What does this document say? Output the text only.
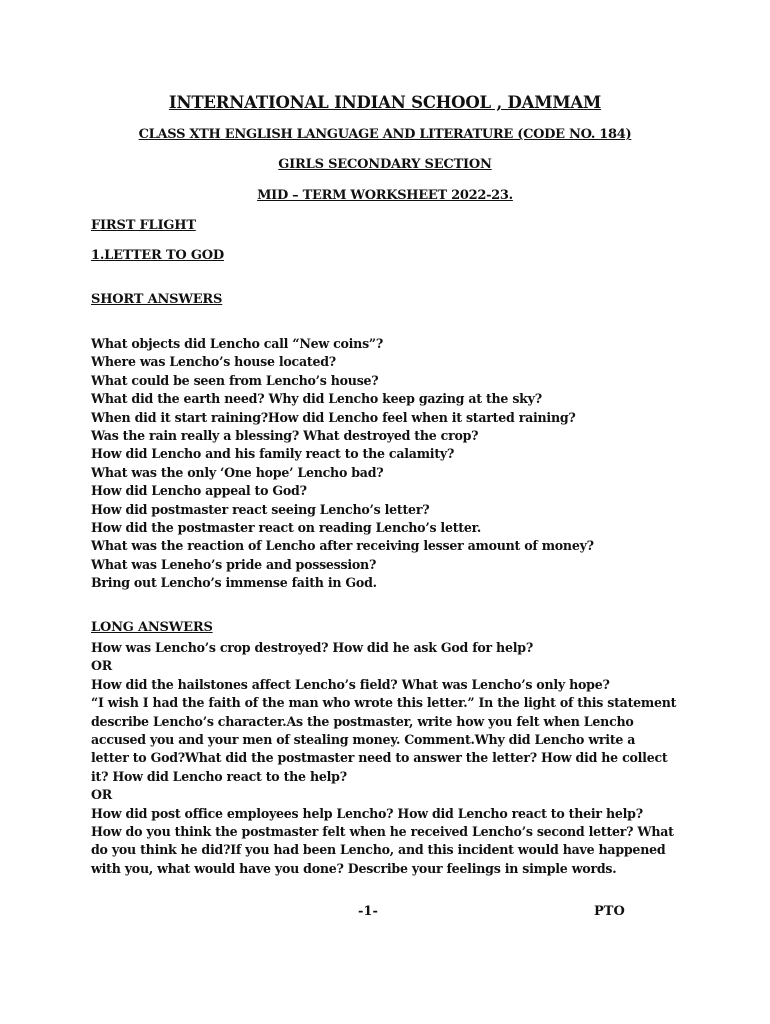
INTERNATIONAL INDIAN SCHOOL , DAMMAM
CLASS XTH ENGLISH LANGUAGE AND LITERATURE (CODE NO. 184)
GIRLS SECONDARY SECTION
MID – TERM WORKSHEET 2022-23.
FIRST FLIGHT
1.LETTER TO GOD
SHORT ANSWERS
What objects did Lencho call “New coins”?
Where was Lencho’s house located?
What could be seen from Lencho’s house?
What did the earth need? Why did Lencho keep gazing at the sky?
When did it start raining?How did Lencho feel when it started raining?
Was the rain really a blessing? What destroyed the crop?
How did Lencho and his family react to the calamity?
What was the only ‘One hope’ Lencho bad?
How did Lencho appeal to God?
How did postmaster react seeing Lencho’s letter?
How did the postmaster react on reading Lencho’s letter.
What was the reaction of Lencho after receiving lesser amount of money?
What was Leneho’s pride and possession?
Bring out Lencho’s immense faith in God.
LONG ANSWERS
How was Lencho’s crop destroyed? How did he ask God for help?
OR
How did the hailstones affect Lencho’s field? What was Lencho’s only hope?
“I wish I had the faith of the man who wrote this letter.” In the light of this statement
describe Lencho’s character.As the postmaster, write how you felt when Lencho
accused you and your men of stealing money. Comment.Why did Lencho write a
letter to God?What did the postmaster need to answer the letter? How did he collect
it? How did Lencho react to the help?
OR
How did post office employees help Lencho? How did Lencho react to their help?
How do you think the postmaster felt when he received Lencho’s second letter? What
do you think he did?If you had been Lencho, and this incident would have happened
with you, what would have you done? Describe your feelings in simple words.
-1-	PTO
